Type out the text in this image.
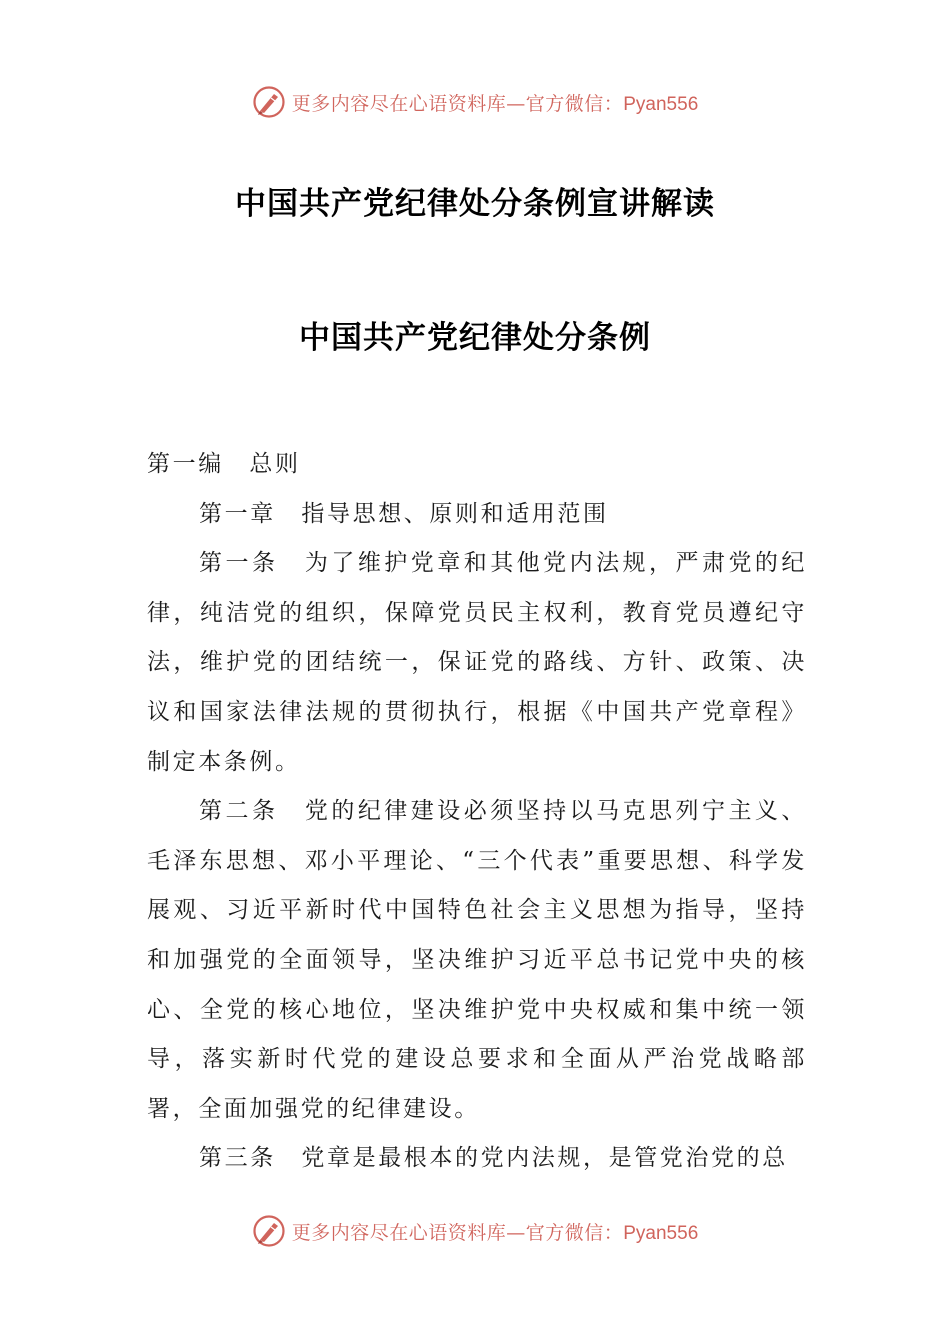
更多内容尽在心语资料库—官方微信：Pyan556
中国共产党纪律处分条例宣讲解读
中国共产党纪律处分条例

第一编　总则

第一章　指导思想、原则和适用范围

第一条　为了维护党章和其他党内法规，严肃党的纪律，纯洁党的组织，保障党员民主权利，教育党员遵纪守法，维护党的团结统一，保证党的路线、方针、政策、决议和国家法律法规的贯彻执行，根据《中国共产党章程》制定本条例。

第二条　党的纪律建设必须坚持以马克思列宁主义、毛泽东思想、邓小平理论、“三个代表”重要思想、科学发展观、习近平新时代中国特色社会主义思想为指导，坚持和加强党的全面领导，坚决维护习近平总书记党中央的核心、全党的核心地位，坚决维护党中央权威和集中统一领导，落实新时代党的建设总要求和全面从严治党战略部署，全面加强党的纪律建设。

第三条　党章是最根本的党内法规，是管党治党的总

更多内容尽在心语资料库—官方微信：Pyan556
